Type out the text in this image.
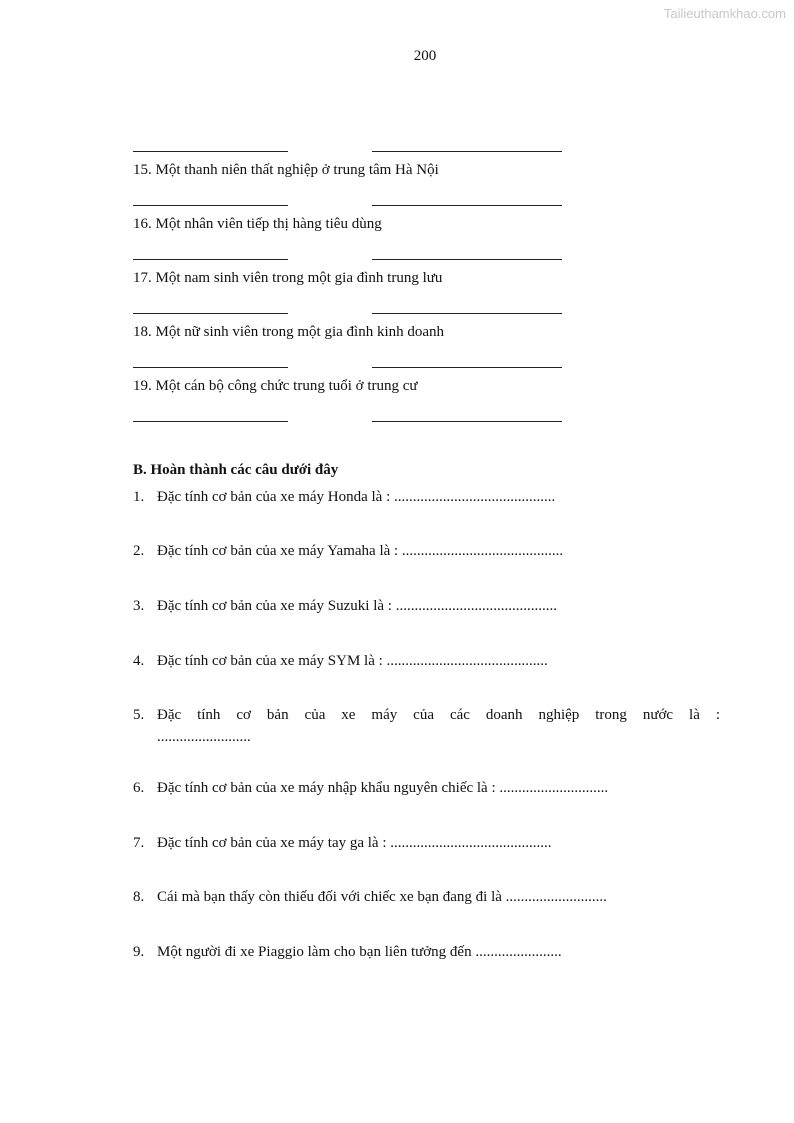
Tailieuthamkhao.com
200
15. Một thanh niên thất nghiệp ở trung tâm Hà Nội
16. Một nhân viên tiếp thị hàng tiêu dùng
17. Một nam sinh viên trong một gia đình trung lưu
18. Một nữ sinh viên trong một gia đình kinh doanh
19. Một cán bộ công chức trung tuổi ở trung cư
B. Hoàn thành các câu dưới đây
1. Đặc tính cơ bản của xe máy Honda là : ...........................................
2. Đặc tính cơ bản của xe máy Yamaha là : ...........................................
3. Đặc tính cơ bản của xe máy Suzuki là : ...........................................
4. Đặc tính cơ bản của xe máy SYM là : ...........................................
5. Đặc tính cơ bản của xe máy của các doanh nghiệp trong nước là :
.........................
6. Đặc tính cơ bản của xe máy nhập khẩu nguyên chiếc là : .............................
7. Đặc tính cơ bản của xe máy tay ga là : ...........................................
8. Cái mà bạn thấy còn thiếu đối với chiếc xe bạn đang đi là ...........................
9. Một người đi xe Piaggio làm cho bạn liên tưởng đến .......................
